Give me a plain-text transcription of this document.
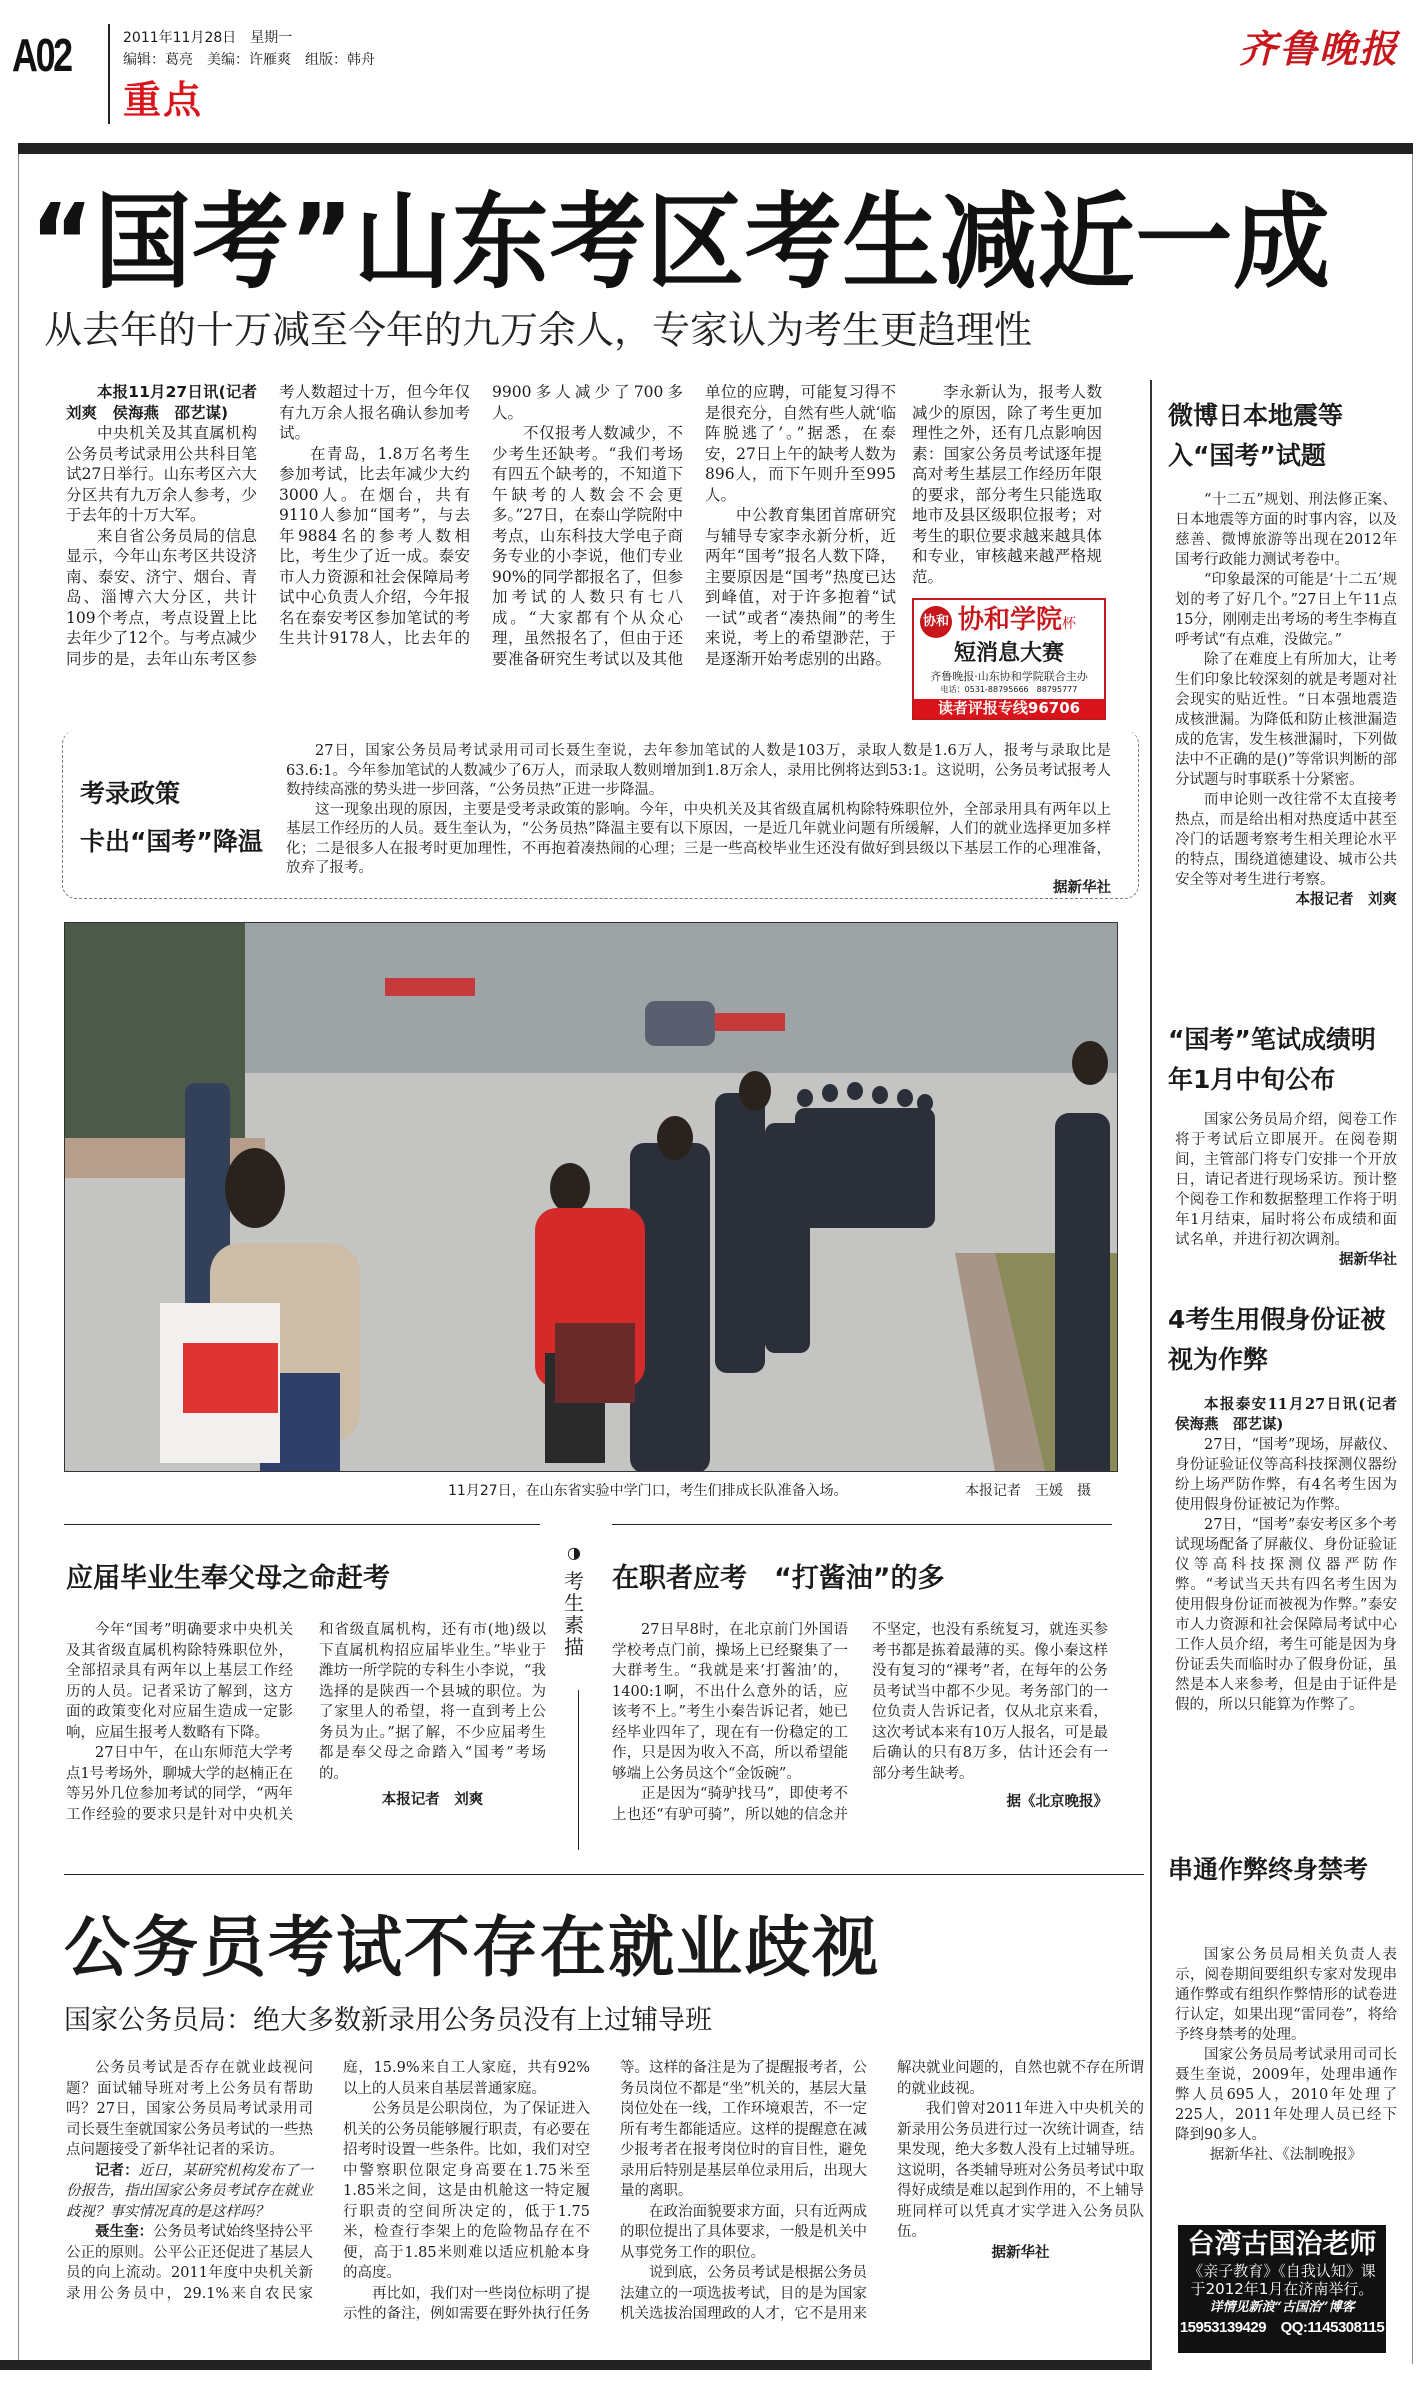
A02	2011年11月28日　星期一
编辑：葛亮　美编：许雁爽　组版：韩舟
重点
齐鲁晚报
“国考”山东考区考生减近一成
从去年的十万减至今年的九万余人，专家认为考生更趋理性

本报11月27日讯(记者　刘爽　侯海燕　邵艺谋)

中央机关及其直属机构公务员考试录用公共科目笔试27日举行。山东考区六大分区共有九万余人参考，少于去年的十万大军。

来自省公务员局的信息显示，今年山东考区共设济南、泰安、济宁、烟台、青岛、淄博六大分区，共计109个考点，考点设置上比去年少了12个。与考点减少同步的是，去年山东考区参考人数超过十万，但今年仅有九万余人报名确认参加考试。

在青岛，1.8万名考生参加考试，比去年减少大约3000人。在烟台，共有9110人参加“国考”，与去年9884名的参考人数相比，考生少了近一成。泰安市人力资源和社会保障局考试中心负责人介绍，今年报名在泰安考区参加笔试的考生共计9178人，比去年的9900多人减少了700多人。

不仅报考人数减少，不少考生还缺考。“我们考场有四五个缺考的，不知道下午缺考的人数会不会更多。”27日，在泰山学院附中考点，山东科技大学电子商务专业的小李说，他们专业90%的同学都报名了，但参加考试的人数只有七八成。“大家都有个从众心理，虽然报名了，但由于还要准备研究生考试以及其他单位的应聘，可能复习得不是很充分，自然有些人就‘临阵脱逃了’。”据悉，在泰安，27日上午的缺考人数为896人，而下午则升至995人。

中公教育集团首席研究与辅导专家李永新分析，近两年“国考”报名人数下降，主要原因是“国考”热度已达到峰值，对于许多抱着“试一试”或者“凑热闹”的考生来说，考上的希望渺茫，于是逐渐开始考虑别的出路。

李永新认为，报考人数减少的原因，除了考生更加理性之外，还有几点影响因素：国家公务员考试逐年提高对考生基层工作经历年限的要求，部分考生只能选取地市及县区级职位报考；对考生的职位要求越来越具体和专业，审核越来越严格规范。

协和 协和学院杯
短消息大赛
齐鲁晚报·山东协和学院联合主办
电话：0531-88795666　88795777
读者评报专线96706
考录政策
卡出“国考”降温

27日，国家公务员局考试录用司司长聂生奎说，去年参加笔试的人数是103万，录取人数是1.6万人，报考与录取比是63.6:1。今年参加笔试的人数减少了6万人，而录取人数则增加到1.8万余人，录用比例将达到53:1。这说明，公务员考试报考人数持续高涨的势头进一步回落，“公务员热”正进一步降温。

这一现象出现的原因，主要是受考录政策的影响。今年，中央机关及其省级直属机构除特殊职位外，全部录用具有两年以上基层工作经历的人员。聂生奎认为，“公务员热”降温主要有以下原因，一是近几年就业问题有所缓解，人们的就业选择更加多样化；二是很多人在报考时更加理性，不再抱着凑热闹的心理；三是一些高校毕业生还没有做好到县级以下基层工作的心理准备，放弃了报考。

据新华社
11月27日，在山东省实验中学门口，考生们排成长队准备入场。	本报记者　王媛　摄
◑
考生素描
应届毕业生奉父母之命赶考

今年“国考”明确要求中央机关及其省级直属机构除特殊职位外，全部招录具有两年以上基层工作经历的人员。记者采访了解到，这方面的政策变化对应届生造成一定影响，应届生报考人数略有下降。

27日中午，在山东师范大学考点1号考场外，聊城大学的赵楠正在等另外几位参加考试的同学，“两年工作经验的要求只是针对中央机关和省级直属机构，还有市(地)级以下直属机构招应届毕业生。”毕业于潍坊一所学院的专科生小李说，“我选择的是陕西一个县城的职位。为了家里人的希望，将一直到考上公务员为止。”据了解，不少应届考生都是奉父母之命踏入“国考”考场的。

本报记者　刘爽
在职者应考　“打酱油”的多

27日早8时，在北京前门外国语学校考点门前，操场上已经聚集了一大群考生。“我就是来‘打酱油’的，1400:1啊，不出什么意外的话，应该考不上。”考生小秦告诉记者，她已经毕业四年了，现在有一份稳定的工作，只是因为收入不高，所以希望能够端上公务员这个“金饭碗”。

正是因为“骑驴找马”，即使考不上也还“有驴可骑”，所以她的信念并不坚定，也没有系统复习，就连买参考书都是拣着最薄的买。像小秦这样没有复习的“裸考”者，在每年的公务员考试当中都不少见。考务部门的一位负责人告诉记者，仅从北京来看，这次考试本来有10万人报名，可是最后确认的只有8万多，估计还会有一部分考生缺考。

据《北京晚报》
公务员考试不存在就业歧视
国家公务员局：绝大多数新录用公务员没有上过辅导班

公务员考试是否存在就业歧视问题？面试辅导班对考上公务员有帮助吗？27日，国家公务员局考试录用司司长聂生奎就国家公务员考试的一些热点问题接受了新华社记者的采访。

记者：近日，某研究机构发布了一份报告，指出国家公务员考试存在就业歧视？事实情况真的是这样吗？

聂生奎：公务员考试始终坚持公平公正的原则。公平公正还促进了基层人员的向上流动。2011年度中央机关新录用公务员中，29.1%来自农民家庭，15.9%来自工人家庭，共有92%以上的人员来自基层普通家庭。

公务员是公职岗位，为了保证进入机关的公务员能够履行职责，有必要在招考时设置一些条件。比如，我们对空中警察职位限定身高要在1.75米至1.85米之间，这是由机舱这一特定履行职责的空间所决定的，低于1.75米，检查行李架上的危险物品存在不便，高于1.85米则难以适应机舱本身的高度。

再比如，我们对一些岗位标明了提示性的备注，例如需要在野外执行任务等。这样的备注是为了提醒报考者，公务员岗位不都是“坐”机关的，基层大量岗位处在一线，工作环境艰苦，不一定所有考生都能适应。这样的提醒意在减少报考者在报考岗位时的盲目性，避免录用后特别是基层单位录用后，出现大量的离职。

在政治面貌要求方面，只有近两成的职位提出了具体要求，一般是机关中从事党务工作的职位。

说到底，公务员考试是根据公务员法建立的一项选拔考试，目的是为国家机关选拔治国理政的人才，它不是用来解决就业问题的，自然也就不存在所谓的就业歧视。

我们曾对2011年进入中央机关的新录用公务员进行过一次统计调查，结果发现，绝大多数人没有上过辅导班。这说明，各类辅导班对公务员考试中取得好成绩是难以起到作用的，不上辅导班同样可以凭真才实学进入公务员队伍。

据新华社
微博日本地震等入“国考”试题

“十二五”规划、刑法修正案、日本地震等方面的时事内容，以及慈善、微博旅游等出现在2012年国考行政能力测试考卷中。

“印象最深的可能是‘十二五’规划的考了好几个。”27日上午11点15分，刚刚走出考场的考生李梅直呼考试“有点难，没做完。”

除了在难度上有所加大，让考生们印象比较深刻的就是考题对社会现实的贴近性。“日本强地震造成核泄漏。为降低和防止核泄漏造成的危害，发生核泄漏时，下列做法中不正确的是()”等常识判断的部分试题与时事联系十分紧密。

而申论则一改往常不太直接考热点，而是给出相对热度适中甚至冷门的话题考察考生相关理论水平的特点，围绕道德建设、城市公共安全等对考生进行考察。

本报记者　刘爽
“国考”笔试成绩明年1月中旬公布

国家公务员局介绍，阅卷工作将于考试后立即展开。在阅卷期间，主管部门将专门安排一个开放日，请记者进行现场采访。预计整个阅卷工作和数据整理工作将于明年1月结束，届时将公布成绩和面试名单，并进行初次调剂。

据新华社
4考生用假身份证被视为作弊

本报泰安11月27日讯(记者　侯海燕　邵艺谋)

27日，“国考”现场，屏蔽仪、身份证验证仪等高科技探测仪器纷纷上场严防作弊，有4名考生因为使用假身份证被记为作弊。

27日，“国考”泰安考区多个考试现场配备了屏蔽仪、身份证验证仪等高科技探测仪器严防作弊。“考试当天共有四名考生因为使用假身份证而被视为作弊。”泰安市人力资源和社会保障局考试中心工作人员介绍，考生可能是因为身份证丢失而临时办了假身份证，虽然是本人来参考，但是由于证件是假的，所以只能算为作弊了。

串通作弊终身禁考

国家公务员局相关负责人表示，阅卷期间要组织专家对发现串通作弊或有组织作弊情形的试卷进行认定，如果出现“雷同卷”，将给予终身禁考的处理。

国家公务员局考试录用司司长聂生奎说，2009年，处理串通作弊人员695人，2010年处理了225人，2011年处理人员已经下降到90多人。

据新华社、《法制晚报》
台湾古国治老师
《亲子教育》《自我认知》课
于2012年1月在济南举行。
详情见新浪“古国治”博客
15953139429　QQ:1145308115
